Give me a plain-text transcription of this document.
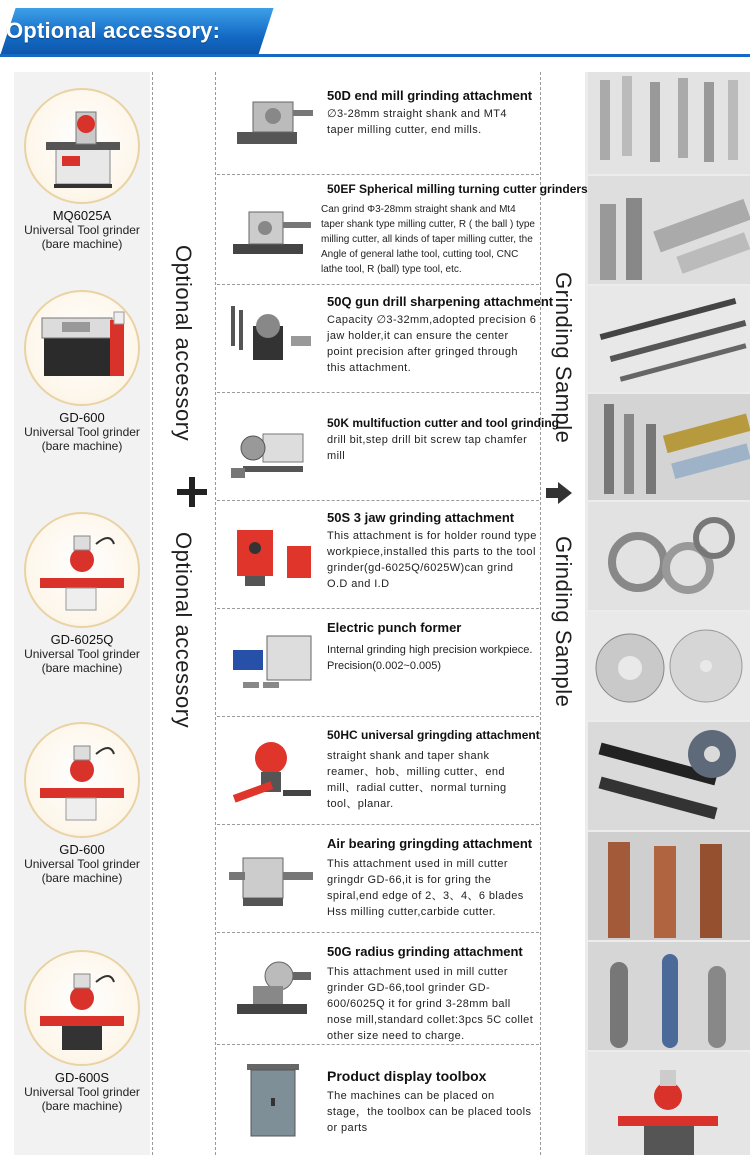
Optional accessory:
MQ6025A
Universal Tool grinder
(bare machine)
GD-600
Universal Tool grinder
(bare machine)
GD-6025Q
Universal Tool grinder
(bare machine)
GD-600
Universal Tool grinder
(bare machine)
GD-600S
Universal Tool grinder
(bare machine)
Optional accessory
Optional accessory
Grinding Sample
Grinding Sample
50D end mill grinding attachment
∅3-28mm straight shank and MT4 taper milling cutter, end mills.
50EF Spherical milling turning cutter grinders
Can grind Φ3-28mm straight shank and Mt4 taper shank type milling cutter, R ( the ball ) type milling cutter, all kinds of taper milling cutter, the Angle of general lathe tool, cutting tool, CNC lathe tool, R (ball) type tool, etc.
50Q gun drill sharpening attachment
Capacity ∅3-32mm,adopted precision 6 jaw holder,it can ensure the center point precision after gringed through this attachment.
50K multifuction cutter and tool grinding
drill bit,step drill bit screw tap chamfer mill
50S 3 jaw grinding attachment
This attachment is for holder round type workpiece,installed this parts to the tool grinder(gd-6025Q/6025W)can grind O.D and I.D
Electric punch former
Internal grinding high precision workpiece. Precision(0.002~0.005)
50HC universal gringding attachment
straight shank and taper shank reamer、hob、milling cutter、end mill、radial cutter、normal turning tool、planar.
Air bearing gringding attachment
This attachment used in mill cutter gringdr GD-66,it is for gring the spiral,end edge of 2、3、4、6 blades Hss milling cutter,carbide cutter.
50G radius grinding attachment
This attachment used in mill cutter grinder GD-66,tool grinder GD-600/6025Q it for grind 3-28mm ball nose mill,standard collet:3pcs 5C collet other size need to charge.
Product display toolbox
The machines can be placed on stage，the toolbox can be placed tools or parts
